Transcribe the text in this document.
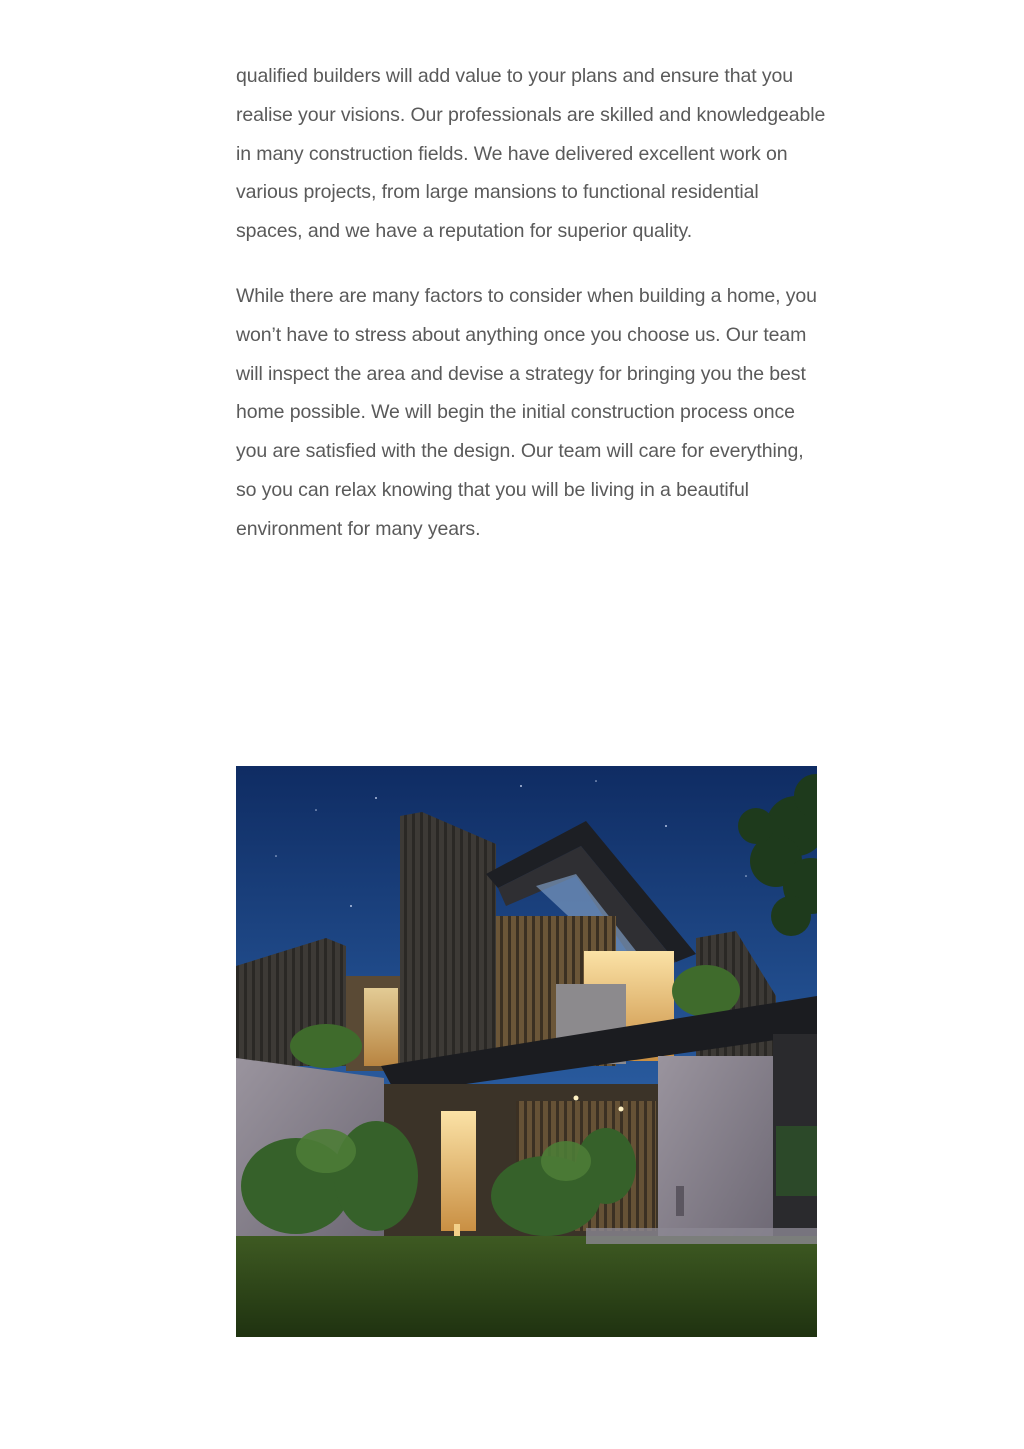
qualified builders will add value to your plans and ensure that you realise your visions. Our professionals are skilled and knowledgeable in many construction fields. We have delivered excellent work on various projects, from large mansions to functional residential spaces, and we have a reputation for superior quality.

While there are many factors to consider when building a home, you won’t have to stress about anything once you choose us. Our team will inspect the area and devise a strategy for bringing you the best home possible. We will begin the initial construction process once you are satisfied with the design. Our team will care for everything, so you can relax knowing that you will be living in a beautiful environment for many years.
